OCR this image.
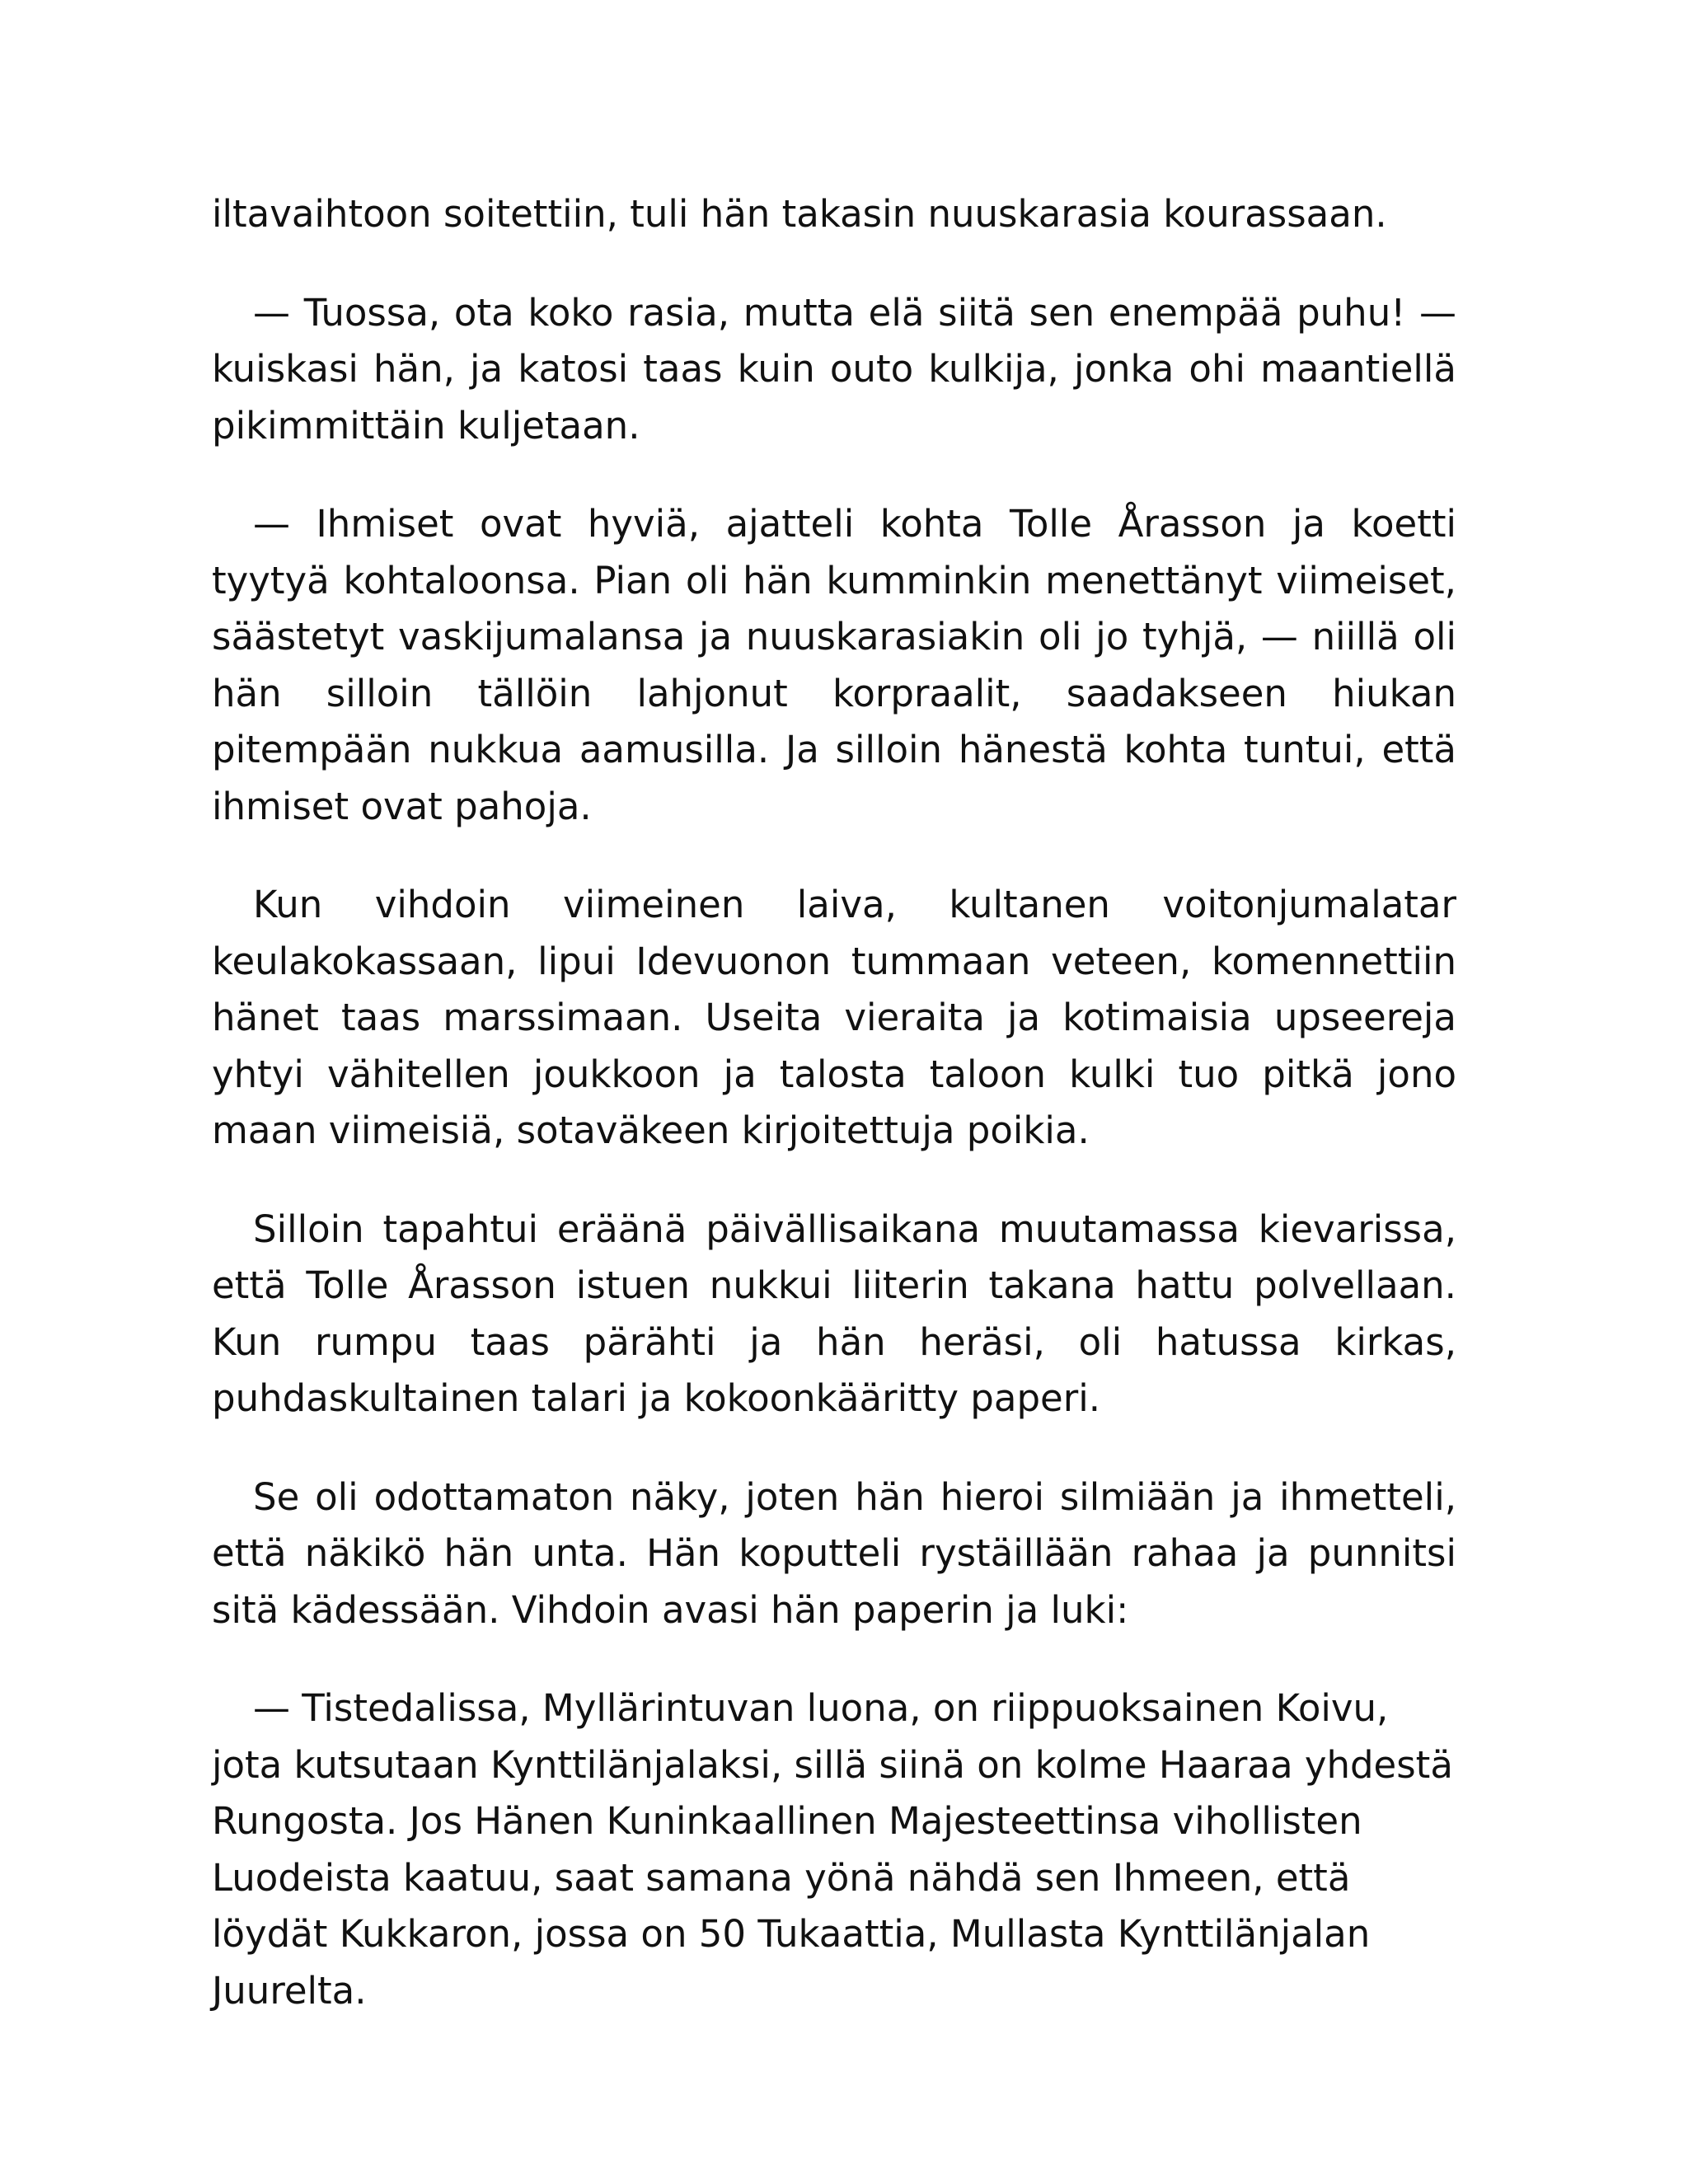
iltavaihtoon soitettiin, tuli hän takasin nuuskarasia kourassaan.

— Tuossa, ota koko rasia, mutta elä siitä sen enempää puhu! — kuiskasi hän, ja katosi taas kuin outo kulkija, jonka ohi maantiellä pikimmittäin kuljetaan.

— Ihmiset ovat hyviä, ajatteli kohta Tolle Årasson ja koetti tyytyä kohtaloonsa. Pian oli hän kumminkin menettänyt viimeiset, säästetyt vaskijumalansa ja nuuskarasiakin oli jo tyhjä, — niillä oli hän silloin tällöin lahjonut korpraalit, saadakseen hiukan pitempään nukkua aamusilla. Ja silloin hänestä kohta tuntui, että ihmiset ovat pahoja.

Kun vihdoin viimeinen laiva, kultanen voitonjumalatar keulakokassaan, lipui Idevuonon tummaan veteen, komennettiin hänet taas marssimaan. Useita vieraita ja kotimaisia upseereja yhtyi vähitellen joukkoon ja talosta taloon kulki tuo pitkä jono maan viimeisiä, sotaväkeen kirjoitettuja poikia.

Silloin tapahtui eräänä päivällisaikana muutamassa kievarissa, että Tolle Årasson istuen nukkui liiterin takana hattu polvellaan. Kun rumpu taas pärähti ja hän heräsi, oli hatussa kirkas, puhdaskultainen talari ja kokoonkääritty paperi.

Se oli odottamaton näky, joten hän hieroi silmiään ja ihmetteli, että näkikö hän unta. Hän koputteli rystäillään rahaa ja punnitsi sitä kädessään. Vihdoin avasi hän paperin ja luki:

— Tistedalissa, Myllärintuvan luona, on riippuoksainen Koivu, jota kutsutaan Kynttilänjalaksi, sillä siinä on kolme Haaraa yhdestä Rungosta. Jos Hänen Kuninkaallinen Majesteettinsa vihollisten Luodeista kaatuu, saat samana yönä nähdä sen Ihmeen, että löydät Kukkaron, jossa on 50 Tukaattia, Mullasta Kynttilänjalan Juurelta.
